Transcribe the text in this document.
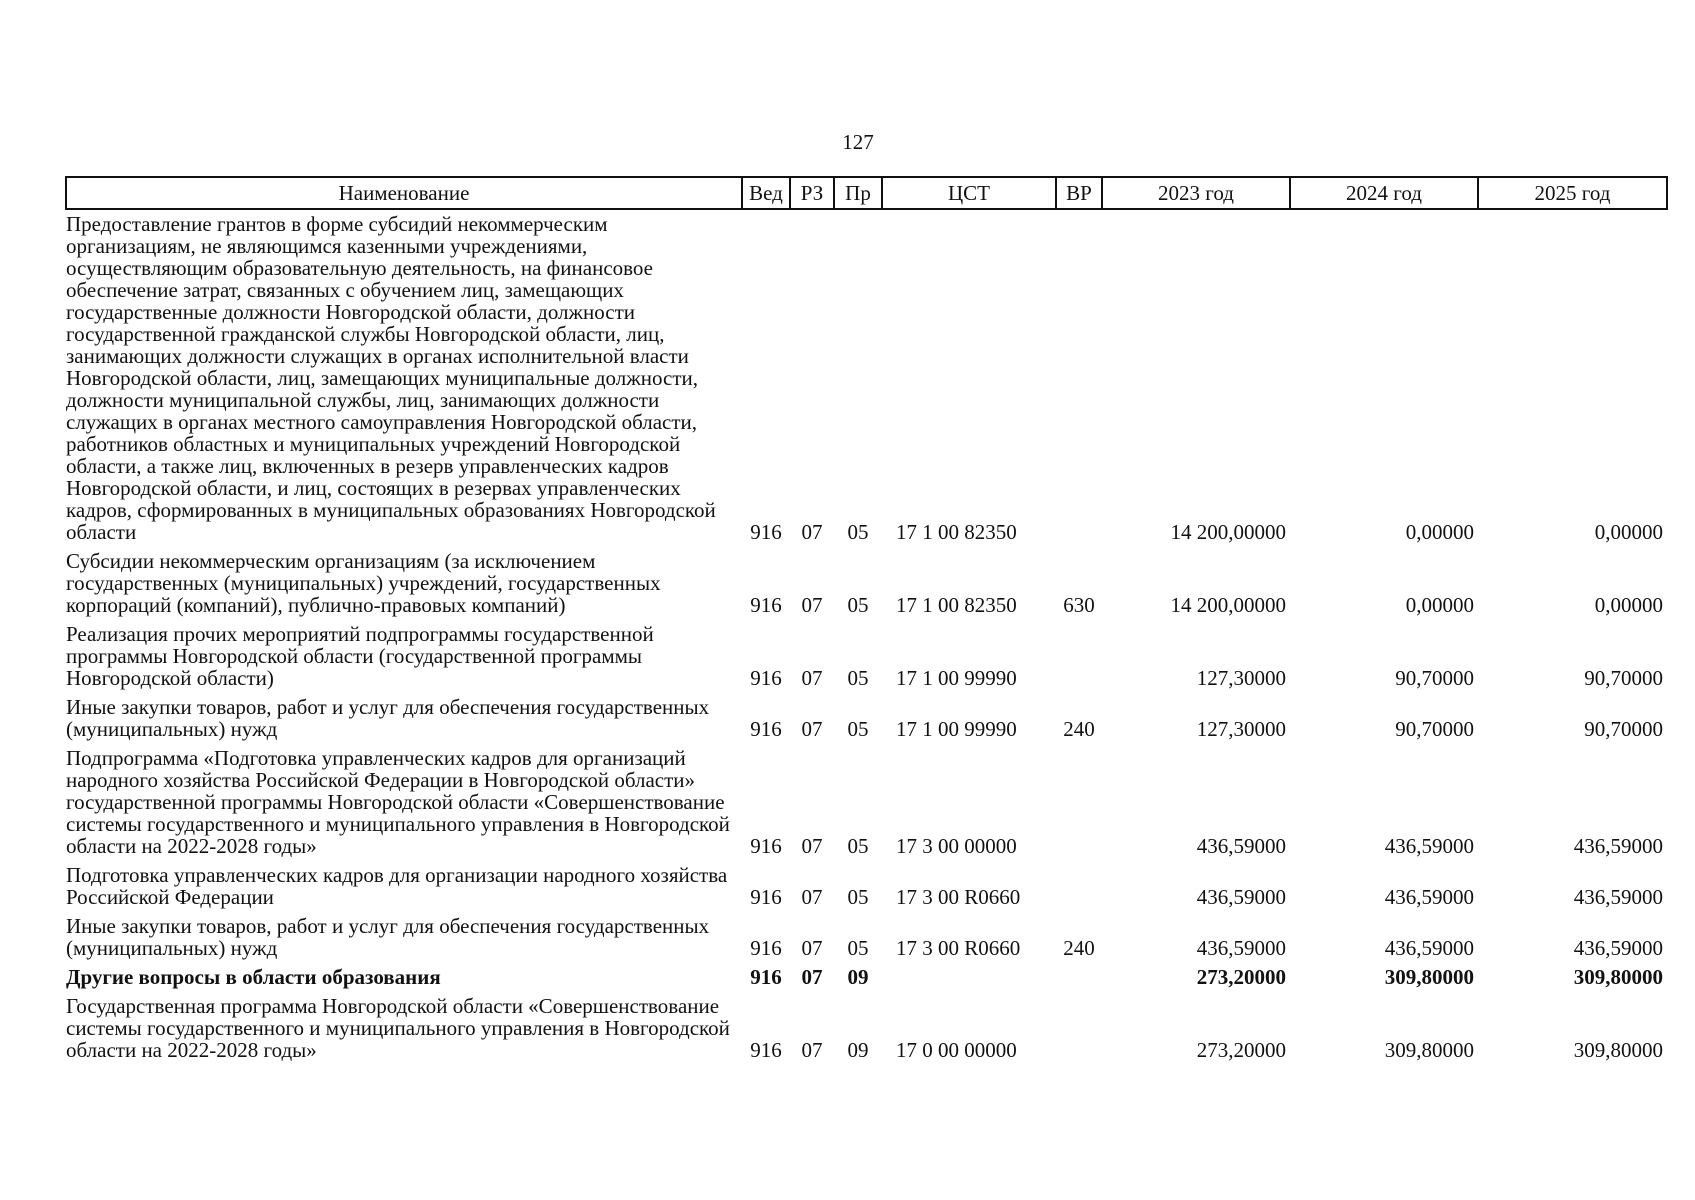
127
Наименование	Вед	РЗ	Пр	ЦСТ	ВР	2023 год	2024 год	2025 год
Предоставление грантов в форме субсидий некоммерческим организациям, не являющимся казенными учреждениями, осуществляющим образовательную деятельность, на финансовое обеспечение затрат, связанных с обучением лиц, замещающих государственные должности Новгородской области, должности государственной гражданской службы Новгородской области, лиц, занимающих должности служащих в органах исполнительной власти Новгородской области, лиц, замещающих муниципальные должности, должности муниципальной службы, лиц, занимающих должности служащих в органах местного самоуправления Новгородской области, работников областных и муниципальных учреждений Новгородской области, а также лиц, включенных в резерв управленческих кадров Новгородской области, и лиц, состоящих в резервах управленческих кадров, сформированных в муниципальных образованиях Новгородской области	916	07	05	17 1 00 82350		14 200,00000	0,00000	0,00000
Субсидии некоммерческим организациям (за исключением государственных (муниципальных) учреждений, государственных корпораций (компаний), публично-правовых компаний)	916	07	05	17 1 00 82350	630	14 200,00000	0,00000	0,00000
Реализация прочих мероприятий подпрограммы государственной программы Новгородской области (государственной программы Новгородской области)	916	07	05	17 1 00 99990		127,30000	90,70000	90,70000
Иные закупки товаров, работ и услуг для обеспечения государственных (муниципальных) нужд	916	07	05	17 1 00 99990	240	127,30000	90,70000	90,70000
Подпрограмма «Подготовка управленческих кадров для организаций народного хозяйства Российской Федерации в Новгородской области» государственной программы Новгородской области «Совершенствование системы государственного и муниципального управления в Новгородской области на 2022-2028 годы»	916	07	05	17 3 00 00000		436,59000	436,59000	436,59000
Подготовка управленческих кадров для организации народного хозяйства Российской Федерации	916	07	05	17 3 00 R0660		436,59000	436,59000	436,59000
Иные закупки товаров, работ и услуг для обеспечения государственных (муниципальных) нужд	916	07	05	17 3 00 R0660	240	436,59000	436,59000	436,59000
Другие вопросы в области образования	916	07	09			273,20000	309,80000	309,80000
Государственная программа Новгородской области «Совершенствование системы государственного и муниципального управления в Новгородской области на 2022-2028 годы»	916	07	09	17 0 00 00000		273,20000	309,80000	309,80000
